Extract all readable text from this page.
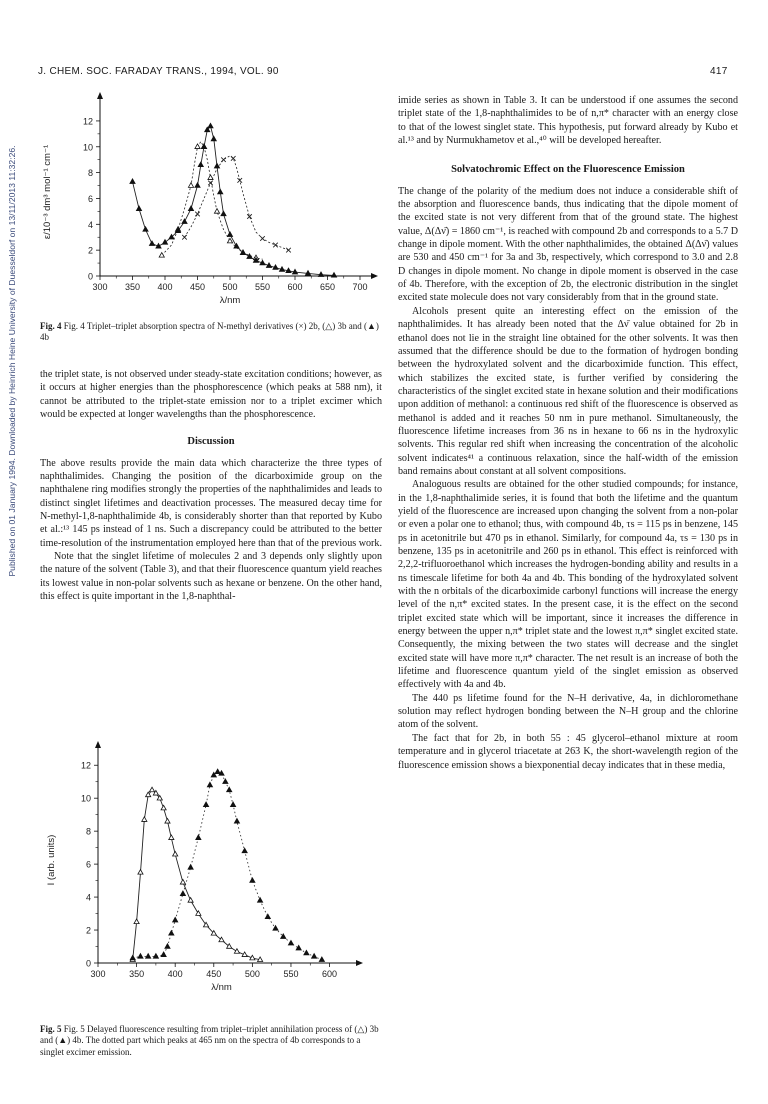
J. CHEM. SOC. FARADAY TRANS., 1994, VOL. 90	417
Published on 01 January 1994. Downloaded by Heinrich Heine University of Duesseldorf on 13/11/2013 11:32:26.	300 350 400 450 500 550 600 650 700
0
2
4
6
8
10
12
λ/nm
ε/10⁻³ dm³ mol⁻¹ cm⁻¹
Fig. 4 Fig. 4 Triplet–triplet absorption spectra of N-methyl derivatives (×) 2b, (△) 3b and (▲) 4b

the triplet state, is not observed under steady-state excitation conditions; however, as it occurs at higher energies than the phosphorescence (which peaks at 588 nm), it cannot be attributed to the triplet-state emission nor to a triplet excimer which would be expected at longer wavelengths than the phosphorescence.

Discussion

The above results provide the main data which characterize the three types of naphthalimides. Changing the position of the dicarboximide group on the naphthalene ring modifies strongly the properties of the naphthalimides and leads to distinct singlet lifetimes and deactivation processes. The measured decay time for N-methyl-1,8-naphthalimide 4b, is considerably shorter than that reported by Kubo et al.:¹³ 145 ps instead of 1 ns. Such a discrepancy could be attributed to the better time-resolution of the instrumentation employed here than that of the previous work.

Note that the singlet lifetime of molecules 2 and 3 depends only slightly upon the nature of the solvent (Table 3), and that their fluorescence quantum yield reaches its lowest value in non-polar solvents such as hexane or benzene. On the other hand, this effect is quite important in the 1,8-naphthal-

300	350	400	450	500	550	600
0
2
4
6
8
10
12
λ/nm
I (arb. units)
Fig. 5 Fig. 5 Delayed fluorescence resulting from triplet–triplet annihilation process of (△) 3b and (▲) 4b. The dotted part which peaks at 465 nm on the spectra of 4b corresponds to a singlet excimer emission.

imide series as shown in Table 3. It can be understood if one assumes the second triplet state of the 1,8-naphthalimides to be of n,π* character with an energy close to that of the lowest singlet state. This hypothesis, put forward already by Kubo et al.¹³ and by Nurmukhametov et al.,⁴⁰ will be developed hereafter.

Solvatochromic Effect on the Fluorescence Emission

The change of the polarity of the medium does not induce a considerable shift of the absorption and fluorescence bands, thus indicating that the dipole moment of the excited state is not very different from that of the ground state. The highest value, Δ(Δν̄) = 1860 cm⁻¹, is reached with compound 2b and corresponds to a 5.7 D change in dipole moment. With the other naphthalimides, the obtained Δ(Δν̄) values are 530 and 450 cm⁻¹ for 3a and 3b, respectively, which correspond to 3.0 and 2.8 D changes in dipole moment. No change in dipole moment is observed in the case of 4b. Therefore, with the exception of 2b, the electronic distribution in the singlet excited state molecule does not vary considerably from that in the ground state.

Alcohols present quite an interesting effect on the emission of the naphthalimides. It has already been noted that the Δν̄ value obtained for 2b in ethanol does not lie in the straight line obtained for the other solvents. It was then assumed that the difference should be due to the formation of hydrogen bonding between the hydroxylated solvent and the dicarboximide function. This effect, which stabilizes the excited state, is further verified by considering the characteristics of the singlet excited state in hexane solution and their modifications upon addition of methanol: a continuous red shift of the fluorescence is observed as methanol is added and it reaches 50 nm in pure methanol. Simultaneously, the fluorescence lifetime increases from 36 ns in hexane to 66 ns in the hydroxylic solvents. This regular red shift when increasing the concentration of the alcoholic solvent indicates⁴¹ a continuous relaxation, since the half-width of the emission band remains about constant at all solvent compositions.

Analoguous results are obtained for the other studied compounds; for instance, in the 1,8-naphthalimide series, it is found that both the lifetime and the quantum yield of the fluorescence are increased upon changing the solvent from a non-polar or even a polar one to ethanol; thus, with compound 4b, τs = 115 ps in benzene, 145 ps in acetonitrile but 470 ps in ethanol. Similarly, for compound 4a, τs = 130 ps in benzene, 135 ps in acetonitrile and 260 ps in ethanol. This effect is reinforced with 2,2,2-trifluoroethanol which increases the hydrogen-bonding ability and results in a ns timescale lifetime for both 4a and 4b. This bonding of the hydroxylated solvent with the n orbitals of the dicarboximide carbonyl functions will increase the energy level of the n,π* excited states. In the present case, it is the effect on the second triplet excited state which will be important, since it increases the difference in energy between the upper n,π* triplet state and the lowest π,π* singlet excited state. Consequently, the mixing between the two states will decrease and the singlet excited state will have more π,π* character. The net result is an increase of both the lifetime and fluorescence quantum yield of the singlet emission as observed effectively with 4a and 4b.

The 440 ps lifetime found for the N–H derivative, 4a, in dichloromethane solution may reflect hydrogen bonding between the N–H group and the chlorine atom of the solvent.

The fact that for 2b, in both 55 : 45 glycerol–ethanol mixture at room temperature and in glycerol triacetate at 263 K, the short-wavelength region of the fluorescence emission shows a biexponential decay indicates that in these media,
